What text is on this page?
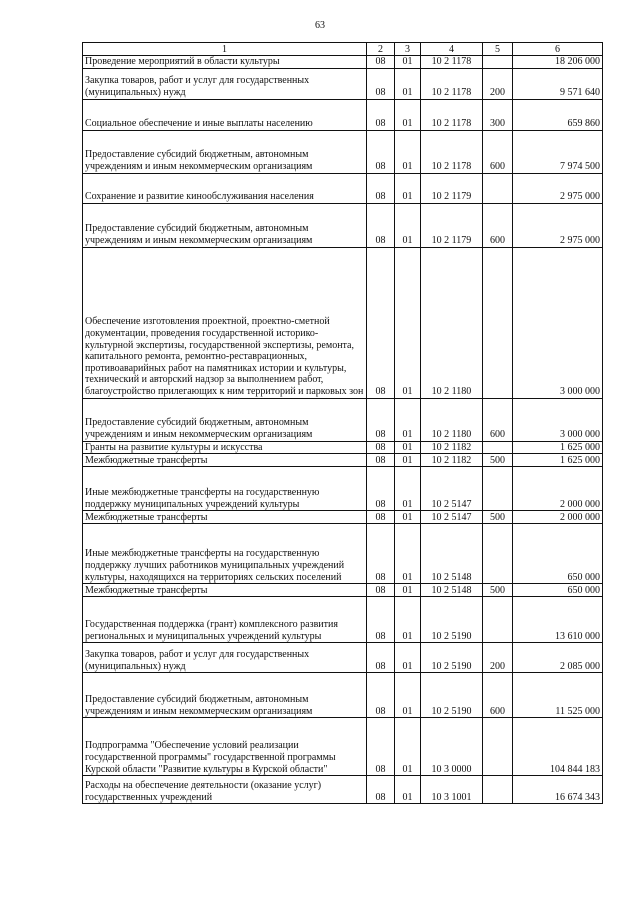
63
1	2	3	4	5	6
Проведение мероприятий в области культуры	08	01	10 2 1178		18 206 000
Закупка товаров, работ и услуг для государственных (муниципальных) нужд	08	01	10 2 1178	200	9 571 640
Социальное обеспечение и иные выплаты населению	08	01	10 2 1178	300	659 860
Предоставление субсидий бюджетным, автономным учреждениям и иным некоммерческим организациям	08	01	10 2 1178	600	7 974 500
Сохранение и развитие кинообслуживания населения	08	01	10 2 1179		2 975 000
Предоставление субсидий бюджетным, автономным учреждениям и иным некоммерческим организациям	08	01	10 2 1179	600	2 975 000
Обеспечение изготовления проектной, проектно-сметной документации, проведения государственной историко-культурной экспертизы, государственной экспертизы, ремонта, капитального ремонта, ремонтно-реставрационных, противоаварийных работ на памятниках истории и культуры, технический и авторский надзор за выполнением работ, благоустройство прилегающих к ним территорий и парковых зон	08	01	10 2 1180		3 000 000
Предоставление субсидий бюджетным, автономным учреждениям и иным некоммерческим организациям	08	01	10 2 1180	600	3 000 000
Гранты на развитие культуры и искусства	08	01	10 2 1182		1 625 000
Межбюджетные трансферты	08	01	10 2 1182	500	1 625 000
Иные межбюджетные трансферты на государственную поддержку муниципальных учреждений культуры	08	01	10 2 5147		2 000 000
Межбюджетные трансферты	08	01	10 2 5147	500	2 000 000
Иные межбюджетные трансферты на государственную поддержку лучших работников муниципальных учреждений культуры, находящихся на территориях сельских поселений	08	01	10 2 5148		650 000
Межбюджетные трансферты	08	01	10 2 5148	500	650 000
Государственная поддержка (грант) комплексного развития региональных и муниципальных учреждений культуры	08	01	10 2 5190		13 610 000
Закупка товаров, работ и услуг для государственных (муниципальных) нужд	08	01	10 2 5190	200	2 085 000
Предоставление субсидий бюджетным, автономным учреждениям и иным некоммерческим организациям	08	01	10 2 5190	600	11 525 000
Подпрограмма "Обеспечение условий реализации государственной программы" государственной программы Курской области "Развитие культуры в Курской области"	08	01	10 3 0000		104 844 183
Расходы на обеспечение деятельности (оказание услуг) государственных учреждений	08	01	10 3 1001		16 674 343
